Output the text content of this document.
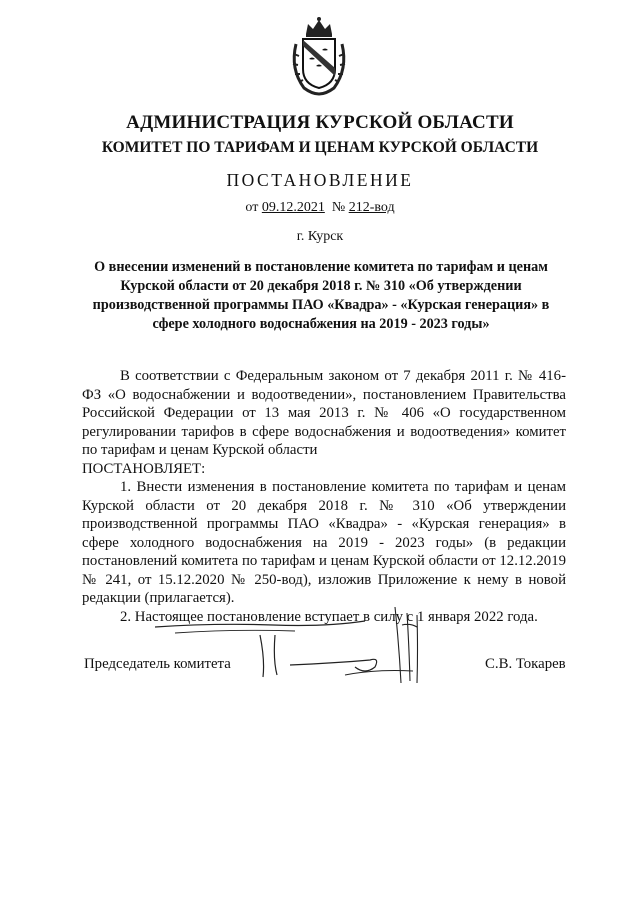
АДМИНИСТРАЦИЯ КУРСКОЙ ОБЛАСТИ
КОМИТЕТ ПО ТАРИФАМ И ЦЕНАМ КУРСКОЙ ОБЛАСТИ
ПОСТАНОВЛЕНИЕ
от 09.12.2021 № 212-вод
г. Курск
О внесении изменений в постановление комитета по тарифам и ценам Курской области от 20 декабря 2018 г. № 310 «Об утверждении производственной программы ПАО «Квадра» - «Курская генерация» в сфере холодного водоснабжения на 2019 - 2023 годы»

В соответствии с Федеральным законом от 7 декабря 2011 г. № 416-ФЗ «О водоснабжении и водоотведении», постановлением Правительства Российской Федерации от 13 мая 2013 г. № 406 «О государственном регулировании тарифов в сфере водоснабжения и водоотведения» комитет по тарифам и ценам Курской области

ПОСТАНОВЛЯЕТ:

1. Внести изменения в постановление комитета по тарифам и ценам Курской области от 20 декабря 2018 г. № 310 «Об утверждении производственной программы ПАО «Квадра» - «Курская генерация» в сфере холодного водоснабжения на 2019 - 2023 годы» (в редакции постановлений комитета по тарифам и ценам Курской области от 12.12.2019 № 241, от 15.12.2020 № 250-вод), изложив Приложение к нему в новой редакции (прилагается).

2. Настоящее постановление вступает в силу с 1 января 2022 года.

Председатель комитета	С.В. Токарев
